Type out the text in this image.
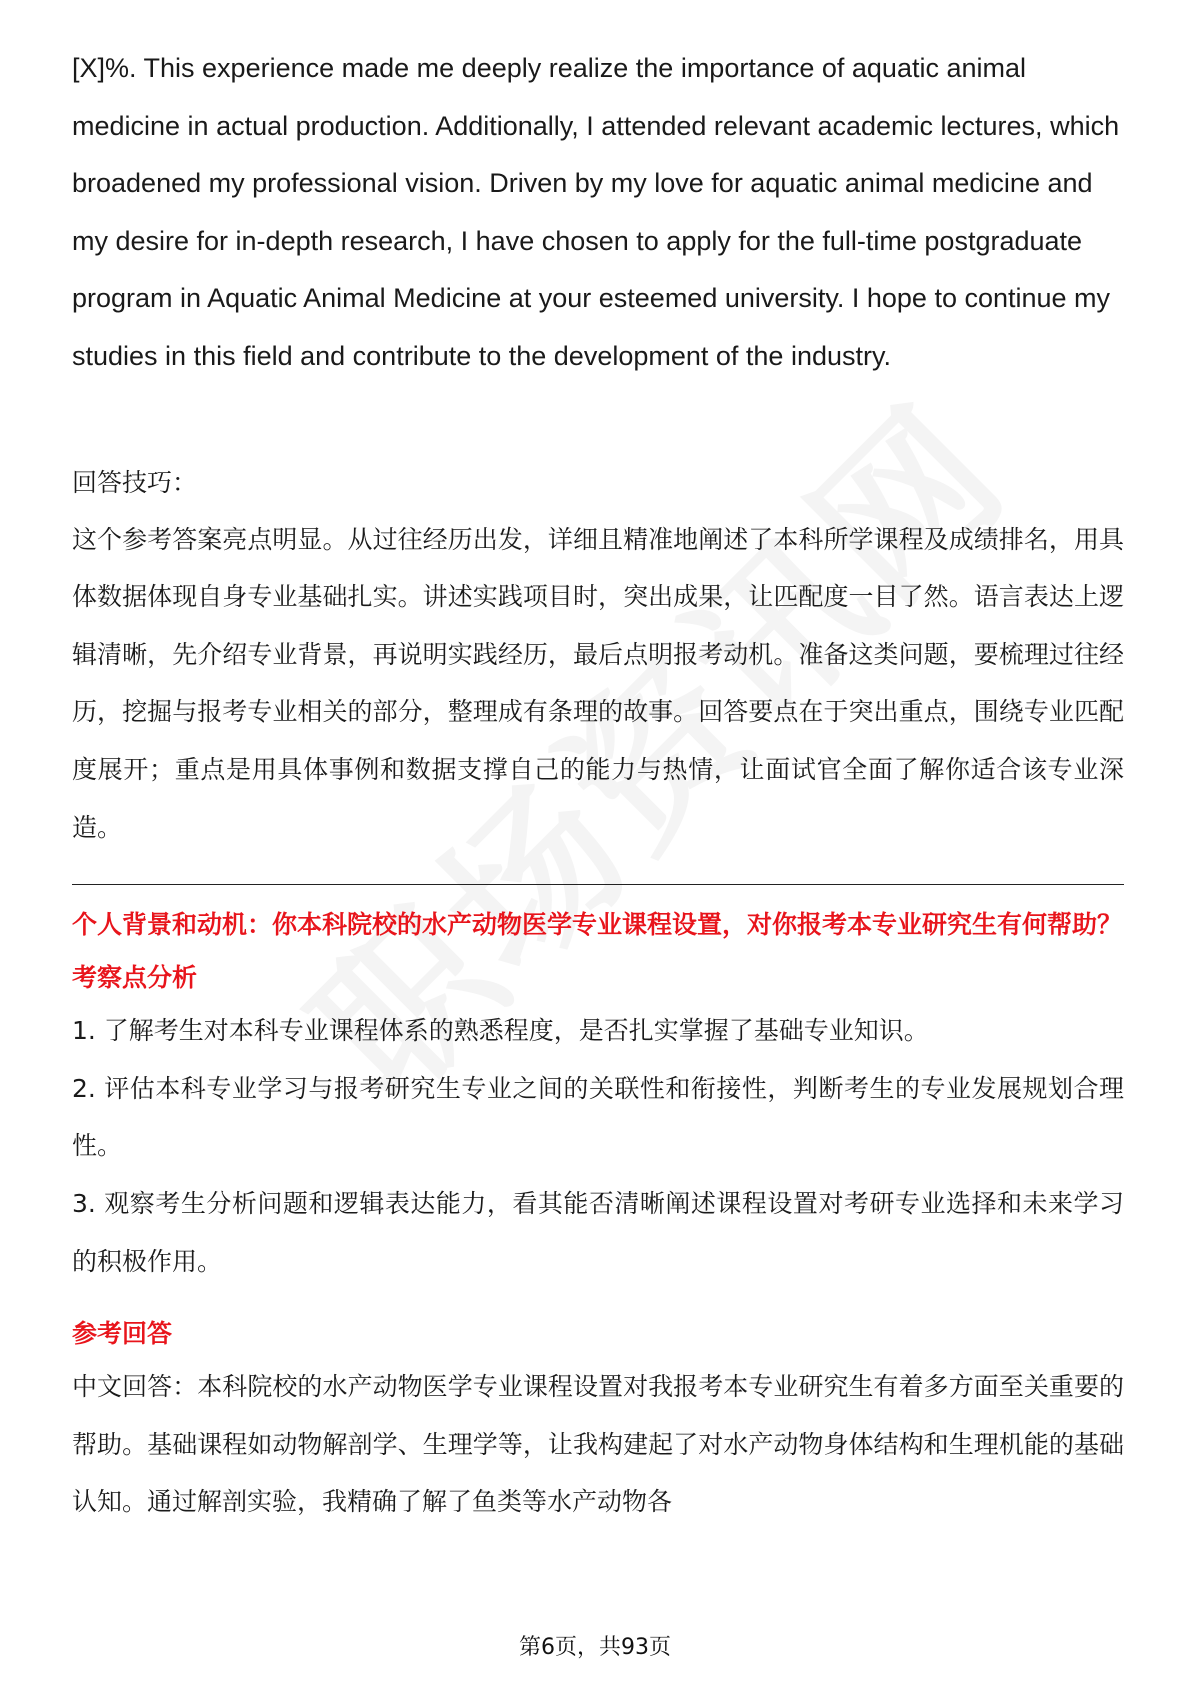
[X]%. This experience made me deeply realize the importance of aquatic animal medicine in actual production. Additionally, I attended relevant academic lectures, which broadened my professional vision. Driven by my love for aquatic animal medicine and my desire for in-depth research, I have chosen to apply for the full-time postgraduate program in Aquatic Animal Medicine at your esteemed university. I hope to continue my studies in this field and contribute to the development of the industry.

回答技巧：

这个参考答案亮点明显。从过往经历出发，详细且精准地阐述了本科所学课程及成绩排名，用具体数据体现自身专业基础扎实。讲述实践项目时，突出成果，让匹配度一目了然。语言表达上逻辑清晰，先介绍专业背景，再说明实践经历，最后点明报考动机。准备这类问题，要梳理过往经历，挖掘与报考专业相关的部分，整理成有条理的故事。回答要点在于突出重点，围绕专业匹配度展开；重点是用具体事例和数据支撑自己的能力与热情，让面试官全面了解你适合该专业深造。

个人背景和动机：你本科院校的水产动物医学专业课程设置，对你报考本专业研究生有何帮助？

考察点分析

1. 了解考生对本科专业课程体系的熟悉程度，是否扎实掌握了基础专业知识。

2. 评估本科专业学习与报考研究生专业之间的关联性和衔接性，判断考生的专业发展规划合理性。

3. 观察考生分析问题和逻辑表达能力，看其能否清晰阐述课程设置对考研专业选择和未来学习的积极作用。

参考回答

中文回答：本科院校的水产动物医学专业课程设置对我报考本专业研究生有着多方面至关重要的帮助。基础课程如动物解剖学、生理学等，让我构建起了对水产动物身体结构和生理机能的基础认知。通过解剖实验，我精确了解了鱼类等水产动物各

第6页，共93页
